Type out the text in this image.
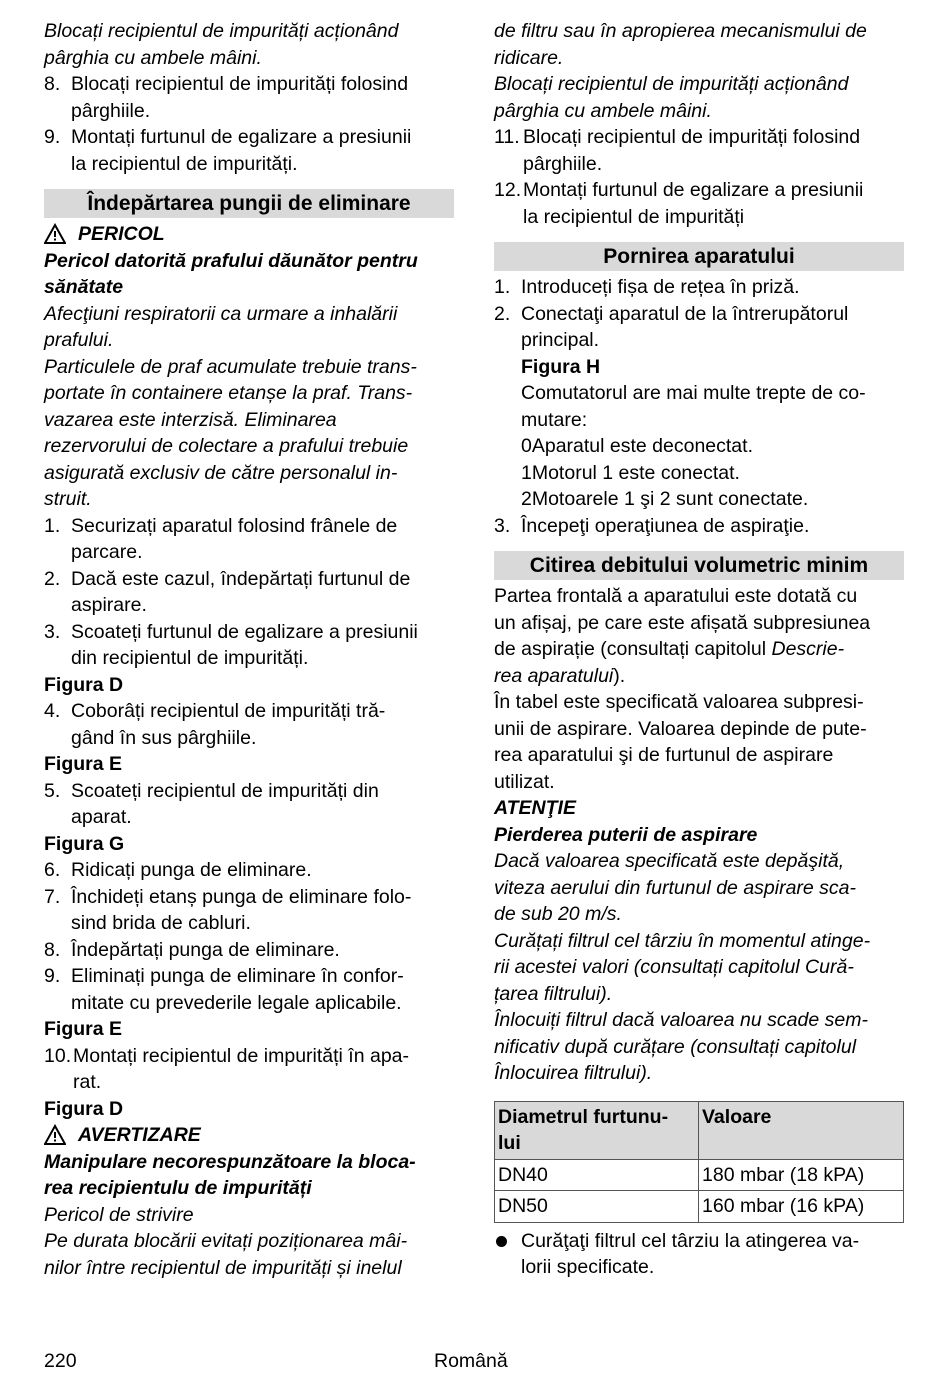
Blocați recipientul de impurități acționând

pârghia cu ambele mâini.

8. Blocați recipientul de impurități folosind
pârghiile.
9. Montați furtunul de egalizare a presiunii
la recipientul de impurități.
Îndepărtarea pungii de eliminare
PERICOL

Pericol datorită prafului dăunător pentru

sănătate

Afecţiuni respiratorii ca urmare a inhalării

prafului.

Particulele de praf acumulate trebuie trans-

portate în containere etanșe la praf. Trans-

vazarea este interzisă. Eliminarea

rezervorului de colectare a prafului trebuie

asigurată exclusiv de către personalul in-

struit.

1. Securizați aparatul folosind frânele de
parcare.
2. Dacă este cazul, îndepărtați furtunul de
aspirare.
3. Scoateți furtunul de egalizare a presiunii
din recipientul de impurități.

Figura D

4. Coborâți recipientul de impurități tră-
gând în sus pârghiile.

Figura E

5. Scoateți recipientul de impurități din
aparat.

Figura G

6. Ridicați punga de eliminare.
7. Închideți etanș punga de eliminare folo-
sind brida de cabluri.
8. Îndepărtați punga de eliminare.
9. Eliminați punga de eliminare în confor-
mitate cu prevederile legale aplicabile.

Figura E

10. Montați recipientul de impurități în apa-
rat.

Figura D

AVERTIZARE

Manipulare necorespunzătoare la bloca-

rea recipientulu de impurități

Pericol de strivire

Pe durata blocării evitați poziționarea mâi-

nilor între recipientul de impurități și inelul

de filtru sau în apropierea mecanismului de

ridicare.

Blocați recipientul de impurități acționând

pârghia cu ambele mâini.

11. Blocați recipientul de impurități folosind
pârghiile.
12. Montați furtunul de egalizare a presiunii
la recipientul de impurități
Pornirea aparatului
1. Introduceți fișa de rețea în priză.
2. Conectaţi aparatul de la întrerupătorul
principal.
Figura H
Comutatorul are mai multe trepte de co-
mutare:
0Aparatul este deconectat.
1Motorul 1 este conectat.
2Motoarele 1 şi 2 sunt conectate.
3. Începeţi operaţiunea de aspiraţie.
Citirea debitului volumetric minim

Partea frontală a aparatului este dotată cu

un afișaj, pe care este afișată subpresiunea

de aspirație (consultați capitolul Descrie-

rea aparatului).

În tabel este specificată valoarea subpresi-

unii de aspirare. Valoarea depinde de pute-

rea aparatului şi de furtunul de aspirare

utilizat.

ATENŢIE

Pierderea puterii de aspirare

Dacă valoarea specificată este depăşită,

viteza aerului din furtunul de aspirare sca-

de sub 20 m/s.

Curățați filtrul cel târziu în momentul atinge-

rii acestei valori (consultați capitolul Cură-

țarea filtrului).

Înlocuiți filtrul dacă valoarea nu scade sem-

nificativ după curățare (consultați capitolul

Înlocuirea filtrului).

Diametrul furtunu-
lui	Valoare
DN40	180 mbar (18 kPA)
DN50	160 mbar (16 kPA)
Curăţaţi filtrul cel târziu la atingerea va-
lorii specificate.
220	Română
